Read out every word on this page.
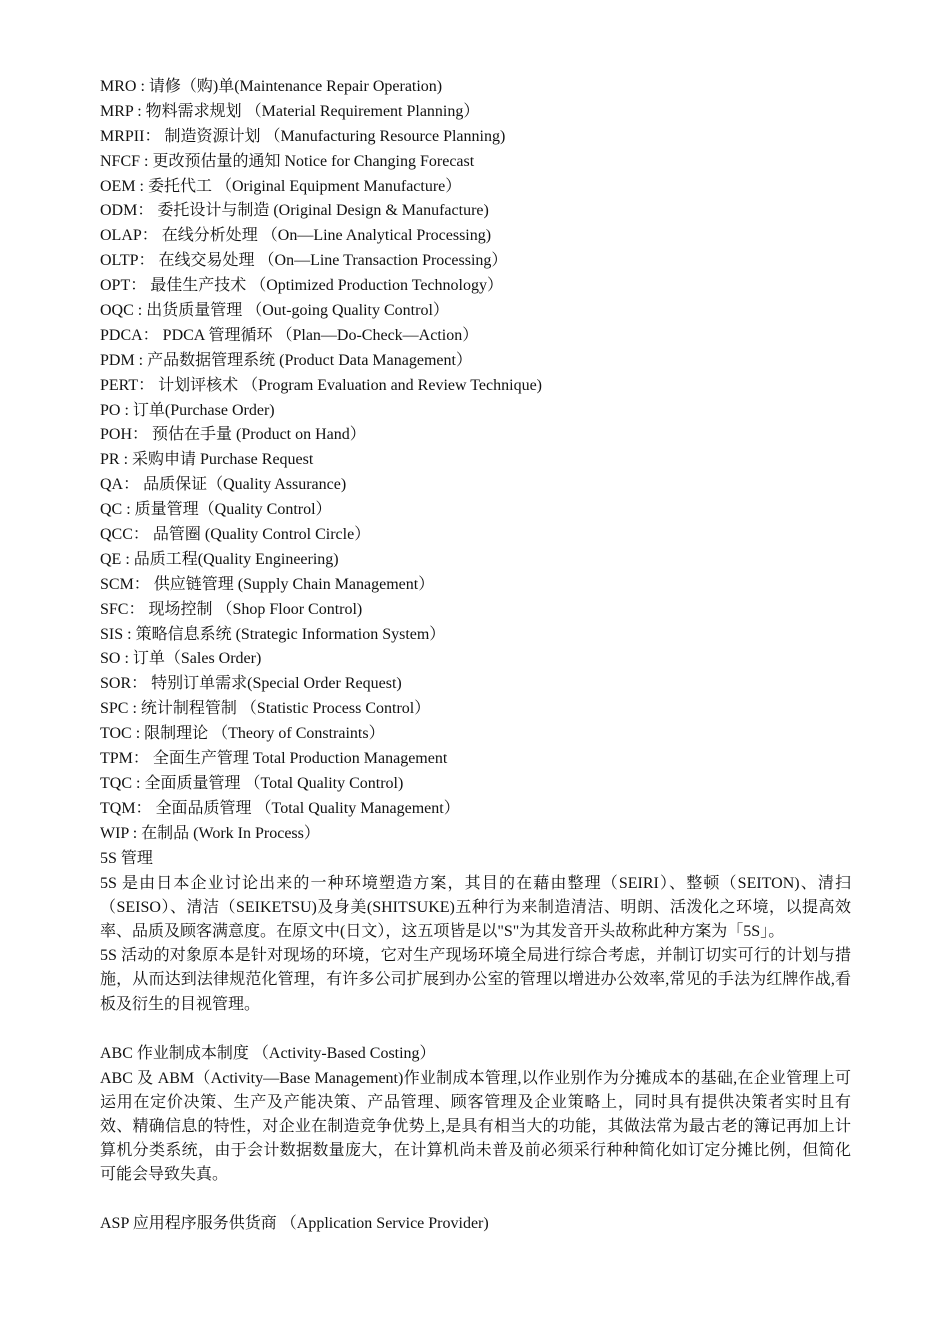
MRO : 请修（购)单(Maintenance Repair Operation)
MRP : 物料需求规划 （Material Requirement Planning）
MRPII： 制造资源计划 （Manufacturing Resource Planning)
NFCF : 更改预估量的通知 Notice for Changing Forecast
OEM : 委托代工 （Original Equipment Manufacture）
ODM： 委托设计与制造 (Original Design & Manufacture)
OLAP： 在线分析处理 （On—Line Analytical Processing)
OLTP： 在线交易处理 （On—Line Transaction Processing）
OPT： 最佳生产技术 （Optimized Production Technology）
OQC : 出货质量管理 （Out-going Quality Control）
PDCA： PDCA 管理循环 （Plan—Do-Check—Action）
PDM : 产品数据管理系统 (Product Data Management）
PERT： 计划评核术 （Program Evaluation and Review Technique)
PO : 订单(Purchase Order)
POH： 预估在手量 (Product on Hand）
PR : 采购申请 Purchase Request
QA： 品质保证（Quality Assurance)
QC : 质量管理（Quality Control）
QCC： 品管圈 (Quality Control Circle）
QE : 品质工程(Quality Engineering)
SCM： 供应链管理 (Supply Chain Management）
SFC： 现场控制 （Shop Floor Control)
SIS : 策略信息系统 (Strategic Information System）
SO : 订单（Sales Order)
SOR： 特别订单需求(Special Order Request)
SPC : 统计制程管制 （Statistic Process Control）
TOC : 限制理论 （Theory of Constraints）
TPM： 全面生产管理 Total Production Management
TQC : 全面质量管理 （Total Quality Control)
TQM： 全面品质管理 （Total Quality Management）
WIP : 在制品 (Work In Process）
5S 管理

5S 是由日本企业讨论出来的一种环境塑造方案，其目的在藉由整理（SEIRI）、整顿（SEITON)、清扫（SEISO）、清洁（SEIKETSU)及身美(SHITSUKE)五种行为来制造清洁、明朗、活泼化之环境，以提高效率、品质及顾客满意度。在原文中(日文），这五项皆是以"S"为其发音开头故称此种方案为「5S」。

5S 活动的对象原本是针对现场的环境，它对生产现场环境全局进行综合考虑，并制订切实可行的计划与措施，从而达到法律规范化管理，有许多公司扩展到办公室的管理以增进办公效率,常见的手法为红牌作战,看板及衍生的目视管理。

ABC 作业制成本制度 （Activity-Based Costing）

ABC 及 ABM（Activity—Base Management)作业制成本管理,以作业别作为分摊成本的基础,在企业管理上可运用在定价决策、生产及产能决策、产品管理、顾客管理及企业策略上，同时具有提供决策者实时且有效、精确信息的特性，对企业在制造竞争优势上,是具有相当大的功能，其做法常为最古老的簿记再加上计算机分类系统，由于会计数据数量庞大，在计算机尚未普及前必须采行种种简化如订定分摊比例，但简化可能会导致失真。

ASP 应用程序服务供货商 （Application Service Provider)
